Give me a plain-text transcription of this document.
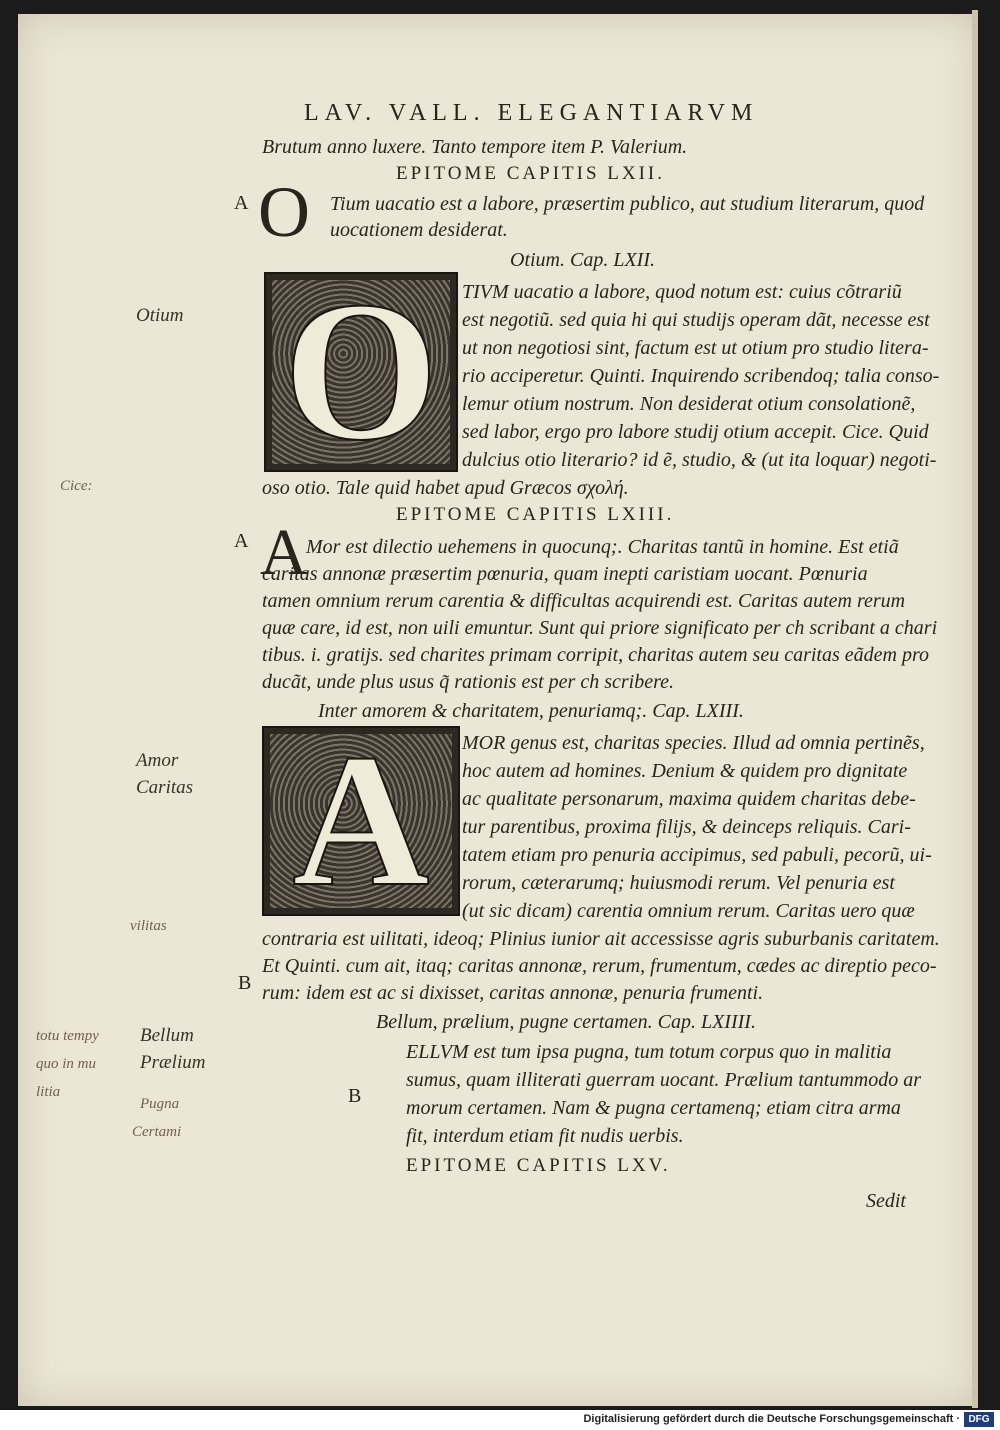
LAV. VALL. ELEGANTIARVM
Brutum anno luxere. Tanto tempore item P. Valerium.
EPITOME CAPITIS LXII.
Tium uacatio est a labore, præsertim publico, aut studium literarum, quod
uocationem desiderat.
Otium. Cap. LXII.
TIVM uacatio a labore, quod notum est: cuius cõtrariũ
est negotiũ. sed quia hi qui studijs operam dãt, necesse est
ut non negotiosi sint, factum est ut otium pro studio litera-
rio acciperetur. Quinti. Inquirendo scribendoq; talia conso-
lemur otium nostrum. Non desiderat otium consolationẽ,
sed labor, ergo pro labore studij otium accepit. Cice. Quid
dulcius otio literario? id ẽ, studio, & (ut ita loquar) negoti-
oso otio. Tale quid habet apud Græcos σχολή.
EPITOME CAPITIS LXIII.
Mor est dilectio uehemens in quocunq;. Charitas tantũ in homine. Est etiã
caritas annonæ præsertim pœnuria, quam inepti caristiam uocant. Pœnuria
tamen omnium rerum carentia & difficultas acquirendi est. Caritas autem rerum
quæ care, id est, non uili emuntur. Sunt qui priore significato per ch scribant a chari
tibus. i. gratijs. sed charites primam corripit, charitas autem seu caritas eãdem pro
ducãt, unde plus usus q̃ rationis est per ch scribere.
Inter amorem & charitatem, penuriamq;. Cap. LXIII.
MOR genus est, charitas species. Illud ad omnia pertinẽs,
hoc autem ad homines. Denium & quidem pro dignitate
ac qualitate personarum, maxima quidem charitas debe-
tur parentibus, proxima filijs, & deinceps reliquis. Cari-
tatem etiam pro penuria accipimus, sed pabuli, pecorũ, ui-
rorum, cæterarumq; huiusmodi rerum. Vel penuria est
(ut sic dicam) carentia omnium rerum. Caritas uero quæ
contraria est uilitati, ideoq; Plinius iunior ait accessisse agris suburbanis caritatem.
Et Quinti. cum ait, itaq; caritas annonæ, rerum, frumentum, cædes ac direptio peco-
rum: idem est ac si dixisset, caritas annonæ, penuria frumenti.
Bellum, prælium, pugne certamen. Cap. LXIIII.
ELLVM est tum ipsa pugna, tum totum corpus quo in malitia
sumus, quam illiterati guerram uocant. Prælium tantummodo ar
morum certamen. Nam & pugna certamenq; etiam citra arma
fit, interdum etiam fit nudis uerbis.
EPITOME CAPITIS LXV.
Sedit
A
A
B
B
Otium
Amor
Caritas
Bellum
Prælium
Cice:
vilitas
totu tempy
quo in mu
litia
Pugna
Certami
O
A
O
A
Digitalisierung gefördert durch die Deutsche Forschungsgemeinschaft · DFG
